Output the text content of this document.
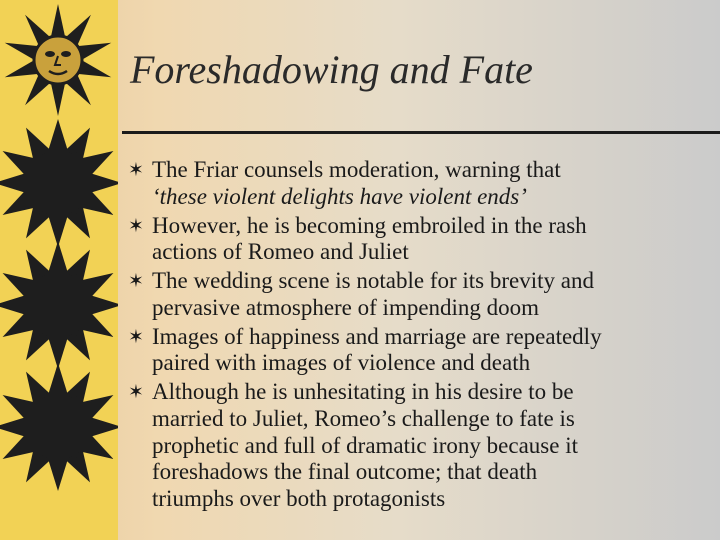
Foreshadowing and Fate
✶ The Friar counsels moderation, warning that
‘these violent delights have violent ends’
✶ However, he is becoming embroiled in the rash
actions of Romeo and Juliet
✶ The wedding scene is notable for its brevity and
pervasive atmosphere of impending doom
✶ Images of happiness and marriage are repeatedly
paired with images of violence and death
✶ Although he is unhesitating in his desire to be
married to Juliet, Romeo’s challenge to fate is
prophetic and full of dramatic irony because it
foreshadows the final outcome; that death
triumphs over both protagonists
